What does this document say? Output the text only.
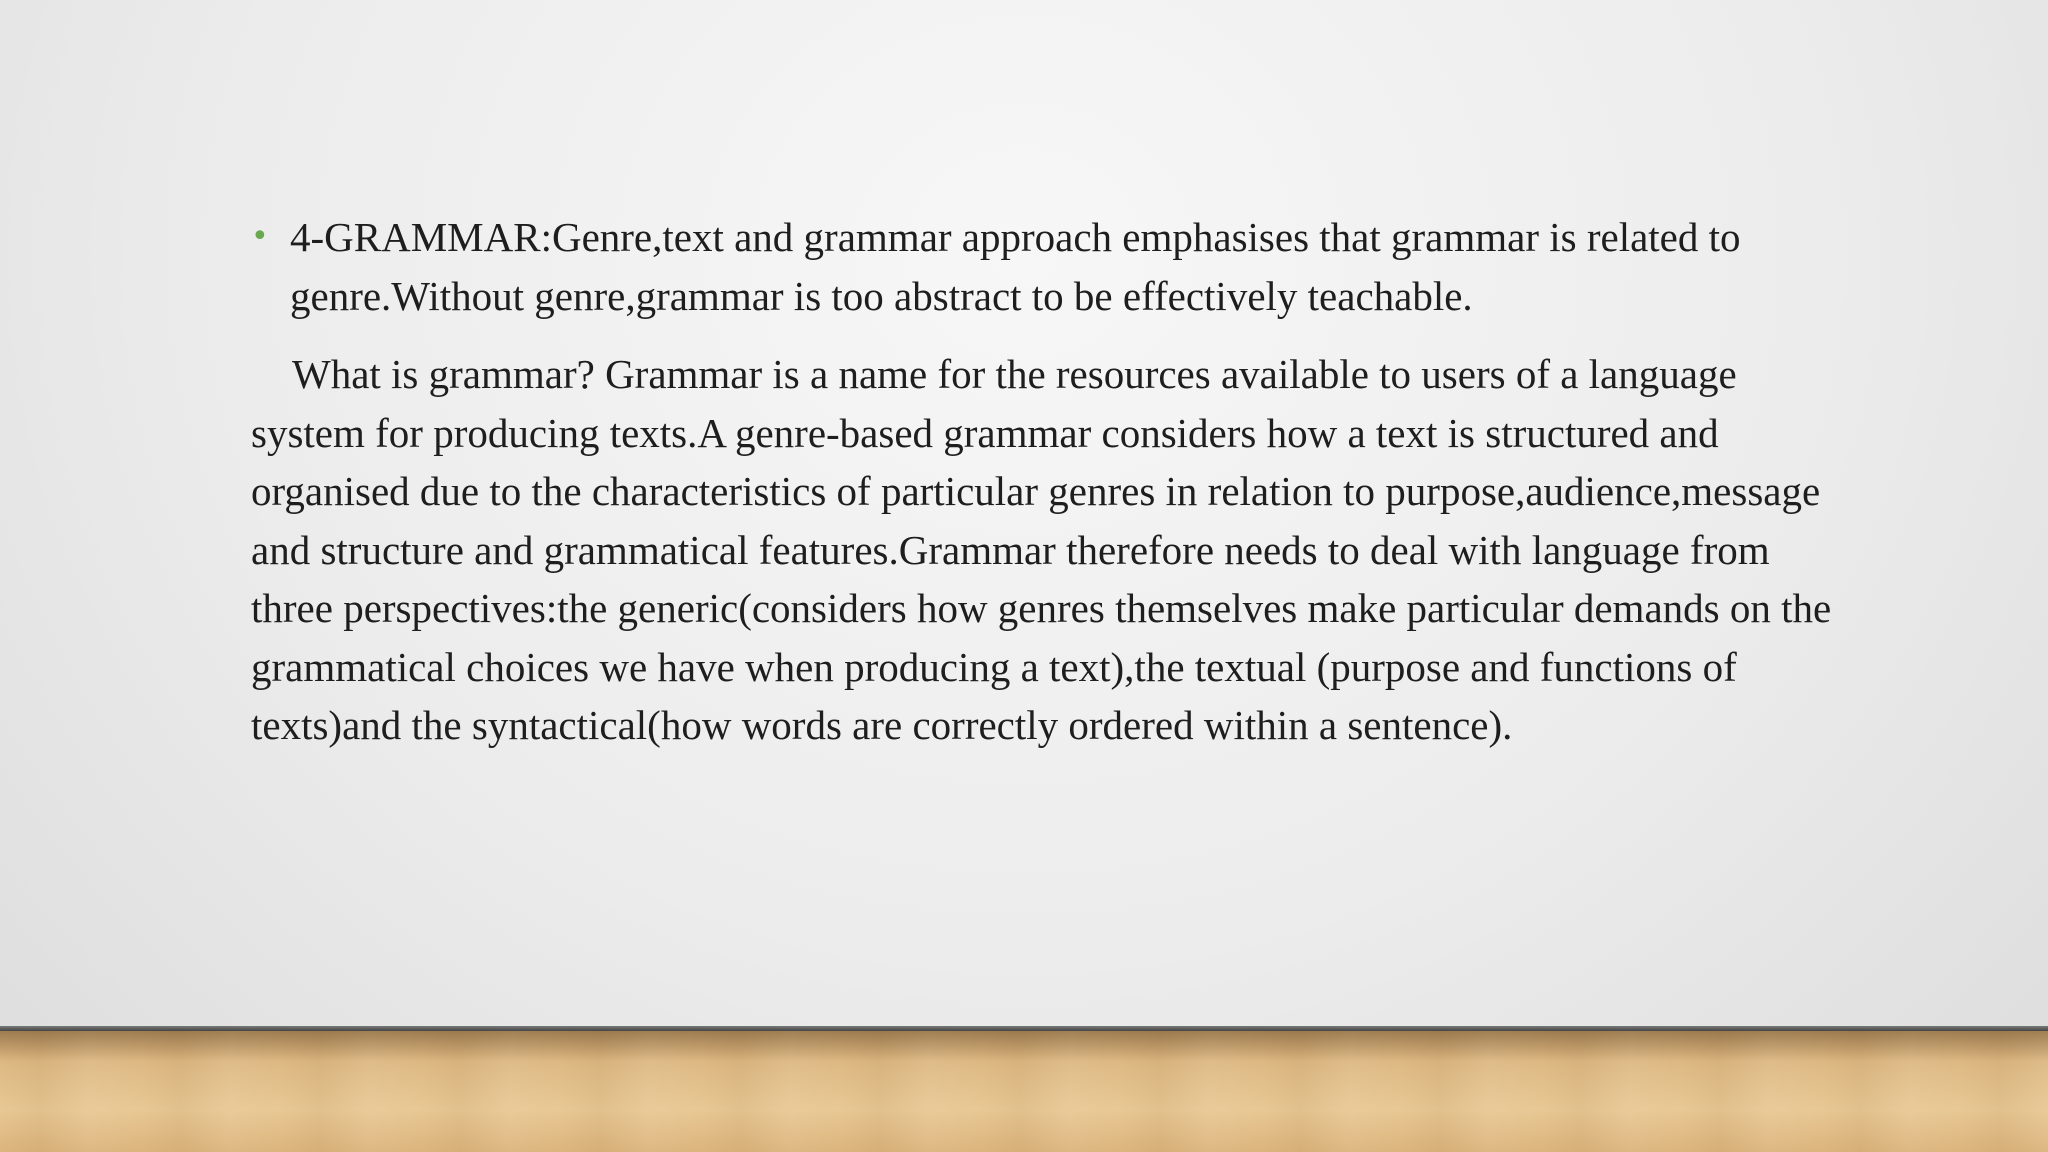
• 4-GRAMMAR:Genre,text and grammar approach emphasises that grammar is related to genre.Without genre,grammar is too abstract to be effectively teachable.
What is grammar? Grammar is a name for the resources available to users of a language system for producing texts.A genre-based grammar considers how a text is structured and organised due to the characteristics of particular genres in relation to purpose,audience,message and structure and grammatical features.Grammar therefore needs to deal with language from three perspectives:the generic(considers how genres themselves make particular demands on the grammatical choices we have when producing a text),the textual (purpose and functions of texts)and the syntactical(how words are correctly ordered within a sentence).
